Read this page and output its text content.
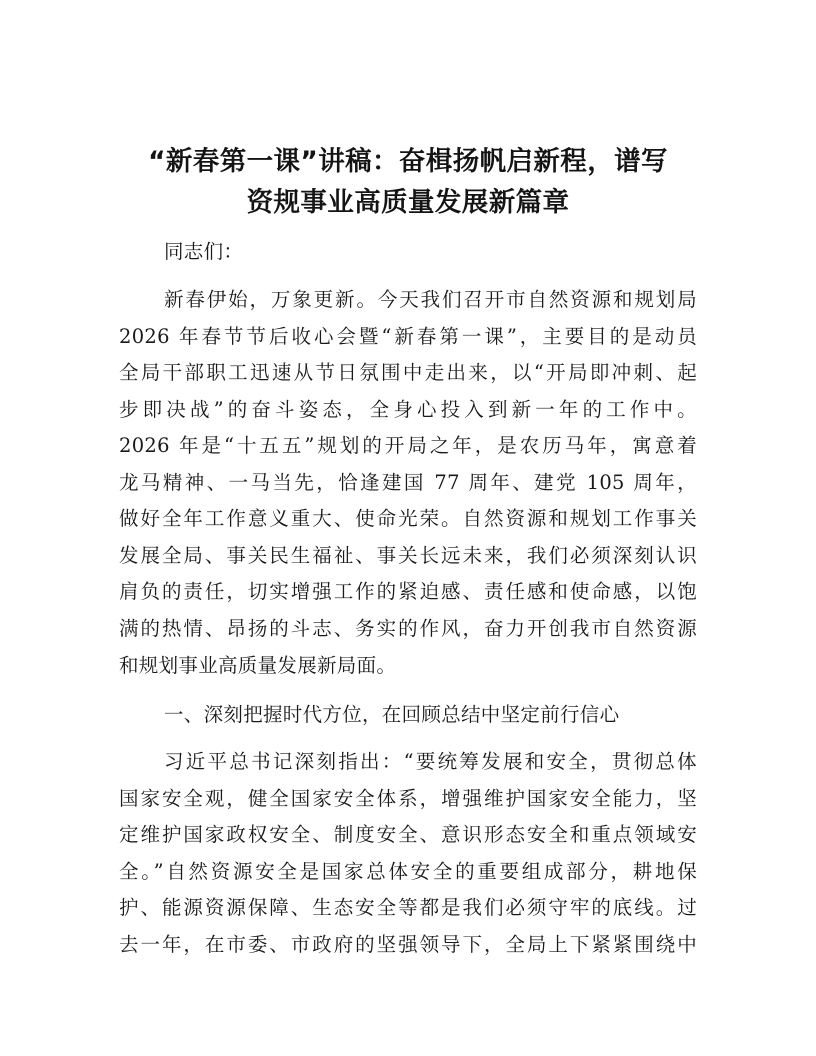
“新春第一课”讲稿：奋楫扬帆启新程，谱写
资规事业高质量发展新篇章
同志们：
新春伊始，万象更新。今天我们召开市自然资源和规划局
2026 年春节节后收心会暨“新春第一课”，主要目的是动员
全局干部职工迅速从节日氛围中走出来，以“开局即冲刺、起
步即决战”的奋斗姿态，全身心投入到新一年的工作中。
2026 年是“十五五”规划的开局之年，是农历马年，寓意着
龙马精神、一马当先，恰逢建国 77 周年、建党 105 周年，
做好全年工作意义重大、使命光荣。自然资源和规划工作事关
发展全局、事关民生福祉、事关长远未来，我们必须深刻认识
肩负的责任，切实增强工作的紧迫感、责任感和使命感，以饱
满的热情、昂扬的斗志、务实的作风，奋力开创我市自然资源
和规划事业高质量发展新局面。
一、深刻把握时代方位，在回顾总结中坚定前行信心
习近平总书记深刻指出：“要统筹发展和安全，贯彻总体
国家安全观，健全国家安全体系，增强维护国家安全能力，坚
定维护国家政权安全、制度安全、意识形态安全和重点领域安
全。”自然资源安全是国家总体安全的重要组成部分，耕地保
护、能源资源保障、生态安全等都是我们必须守牢的底线。过
去一年，在市委、市政府的坚强领导下，全局上下紧紧围绕中
